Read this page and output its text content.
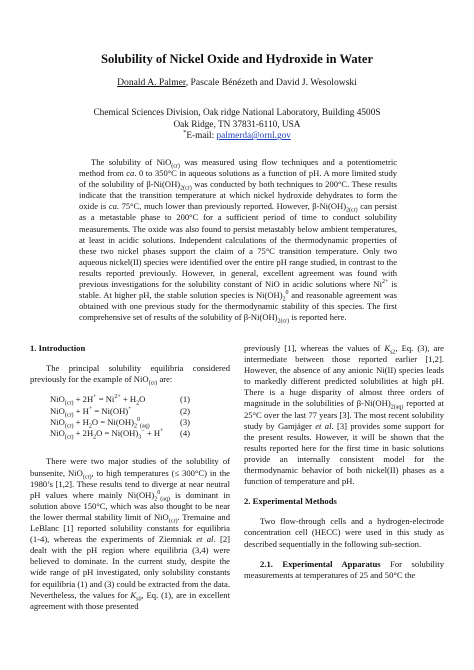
Solubility of Nickel Oxide and Hydroxide in Water
Donald A. Palmer, Pascale Bénézeth and David J. Wesolowski
Chemical Sciences Division, Oak ridge National Laboratory, Building 4500S
Oak Ridge, TN 37831-6110, USA
*E-mail: palmerda@ornl.gov

The solubility of NiO$_{(cr)}$ was measured using flow techniques and a potentiometric method from ca. 0 to 350°C in aqueous solutions as a function of pH. A more limited study of the solubility of $\beta-Ni(OH)_{2(cr)}$ was conducted by both techniques to 200°C. These results indicate that the transition temperature at which nickel hydroxide dehydrates to form the oxide is ca. 75°C, much lower than previously reported. However, $\beta-Ni(OH)_{2(cr)}$ can persist as a metastable phase to 200°C for a sufficient period of time to conduct solubility measurements. The oxide was also found to persist metastably below ambient temperatures, at least in acidic solutions. Independent calculations of the thermodynamic properties of these two nickel phases support the claim of a 75°C transition temperature. Only two aqueous nickel(II) species were identified over the entire pH range studied, in contrast to the results reported previously. However, in general, excellent agreement was found with previous investigations for the solubility constant of NiO in acidic solutions where $Ni^{2+}$ is stable. At higher pH, the stable solution species is $Ni(OH)_2^0$ and reasonable agreement was obtained with one previous study for the thermodynamic stability of this species. The first comprehensive set of results of the solubility of $\beta-Ni(OH)_{2(cr)}$ is reported here.

1. Introduction

The principal solubility equilibria considered previously for the example of NiO$_{(cr)}$ are:

$NiO_{(cr)} + 2H^+ = Ni^{2+} + H_2O$	(1)
NiO$_{(cr)}$ + H+ = Ni(OH)+	(2)
$NiO_{(cr)} + H_2O = Ni(OH)_2^0_{(aq)}$	(3)
$NiO_{(cr)} + 2H_2O = Ni(OH)_3^- + H^+$ (4)

There were two major studies of the solubility of bunsenite, NiO$_{(cr)}$, to high temperatures (≤ 300°C) in the 1980’s [1,2]. These results tend to diverge at near neutral pH values where mainly $Ni(OH)_2^0_{(aq)}$ is dominant in solution above 150°C, which was also thought to be near the lower thermal stability limit of NiO$_{(cr)}$. Tremaine and LeBlanc [1] reported solubility constants for equilibria (1-4), whereas the experiments of Ziemniak et al. [2] dealt with the pH region where equilibria (3,4) were believed to dominate. In the current study, despite the wide range of pH investigated, only solubility constants for equilibria (1) and (3) could be extracted from the data. Nevertheless, the values for $K_{s0}$, Eq. (1), are in excellent agreement with those presented

previously [1], whereas the values of $K_{s2}$, Eq. (3), are intermediate between those reported earlier [1,2]. However, the absence of any anionic Ni(II) species leads to markedly different predicted solubilities at high pH. There is a huge disparity of almost three orders of magnitude in the solubilities of $\beta-Ni(OH)_{2(aq)}$ reported at 25°C over the last 77 years [3]. The most recent solubility study by Gamjäger et al. [3] provides some support for the present results. However, it will be shown that the results reported here for the first time in basic solutions provide an internally consistent model for the thermodynamic behavior of both nickel(II) phases as a function of temperature and pH.

2. Experimental Methods

Two flow-through cells and a hydrogen-electrode concentration cell (HECC) were used in this study as described sequentially in the following sub-section.

2.1. Experimental Apparatus For solubility measurements at temperatures of 25 and 50°C the
